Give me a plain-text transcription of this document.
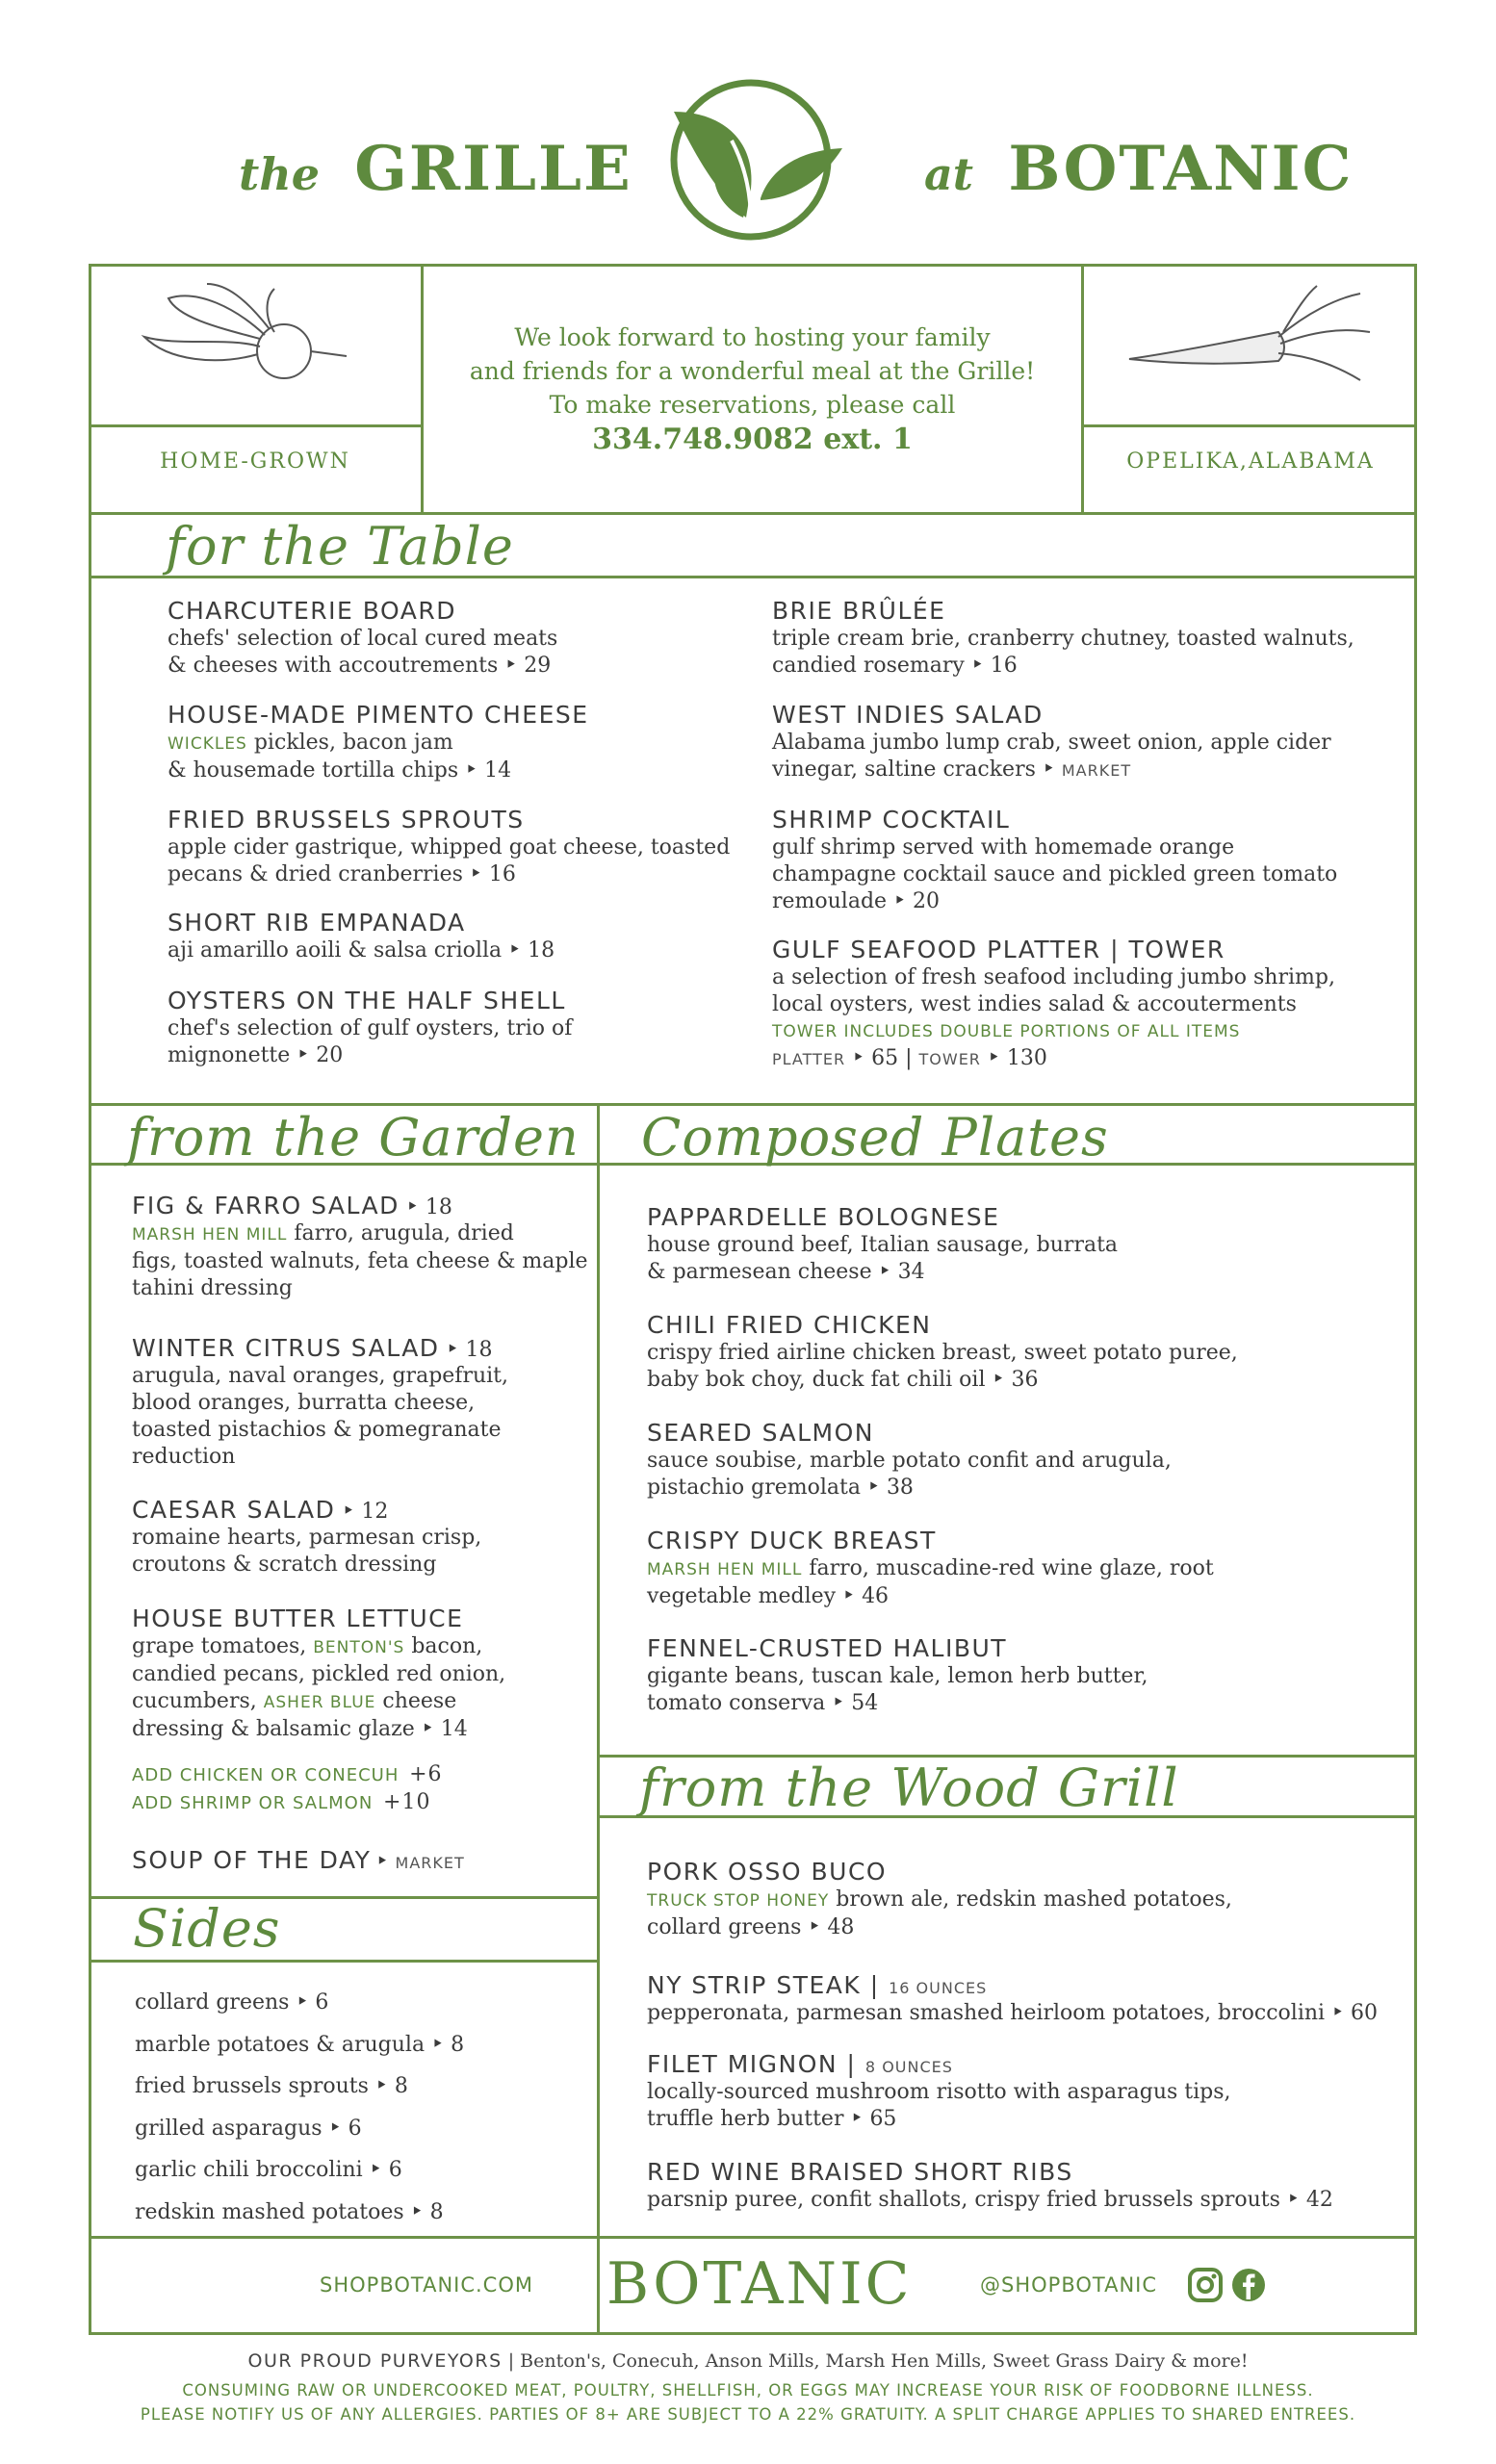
the GRILLE	at BOTANIC
We look forward to hosting your family
and friends for a wonderful meal at the Grille!
To make reservations, please call
334.748.9082 ext. 1
HOME-GROWN	OPELIKA,ALABAMA
for the Table
CHARCUTERIE BOARD
chefs' selection of local cured meats
& cheeses with accoutrements ‣ 29
HOUSE-MADE PIMENTO CHEESE
WICKLES pickles, bacon jam
& housemade tortilla chips ‣ 14
FRIED BRUSSELS SPROUTS
apple cider gastrique, whipped goat cheese, toasted
pecans & dried cranberries ‣ 16
SHORT RIB EMPANADA
aji amarillo aoili & salsa criolla ‣ 18
OYSTERS ON THE HALF SHELL
chef's selection of gulf oysters, trio of
mignonette ‣ 20
BRIE BRÛLÉE
triple cream brie, cranberry chutney, toasted walnuts,
candied rosemary ‣ 16
WEST INDIES SALAD
Alabama jumbo lump crab, sweet onion, apple cider
vinegar, saltine crackers ‣ MARKET
SHRIMP COCKTAIL
gulf shrimp served with homemade orange
champagne cocktail sauce and pickled green tomato
remoulade ‣ 20
GULF SEAFOOD PLATTER | TOWER
a selection of fresh seafood including jumbo shrimp,
local oysters, west indies salad & accouterments
TOWER INCLUDES DOUBLE PORTIONS OF ALL ITEMS
PLATTER ‣ 65 | TOWER ‣ 130
from the Garden Composed Plates
FIG & FARRO SALAD ‣ 18
MARSH HEN MILL farro, arugula, dried
figs, toasted walnuts, feta cheese & maple
tahini dressing
WINTER CITRUS SALAD ‣ 18
arugula, naval oranges, grapefruit,
blood oranges, burratta cheese,
toasted pistachios & pomegranate
reduction
CAESAR SALAD ‣ 12
romaine hearts, parmesan crisp,
croutons & scratch dressing
HOUSE BUTTER LETTUCE
grape tomatoes, BENTON'S bacon,
candied pecans, pickled red onion,
cucumbers, ASHER BLUE cheese
dressing & balsamic glaze ‣ 14
PAPPARDELLE BOLOGNESE
house ground beef, Italian sausage, burrata
& parmesean cheese ‣ 34
CHILI FRIED CHICKEN
crispy fried airline chicken breast, sweet potato puree,
baby bok choy, duck fat chili oil ‣ 36
SEARED SALMON
sauce soubise, marble potato confit and arugula,
pistachio gremolata ‣ 38
CRISPY DUCK BREAST
MARSH HEN MILL farro, muscadine-red wine glaze, root
vegetable medley ‣ 46
FENNEL-CRUSTED HALIBUT
gigante beans, tuscan kale, lemon herb butter,
tomato conserva ‣ 54
ADD CHICKEN OR CONECUH +6
ADD SHRIMP OR SALMON +10
SOUP OF THE DAY ‣ MARKET
Sides
collard greens ‣ 6
marble potatoes & arugula ‣ 8
fried brussels sprouts ‣ 8
grilled asparagus ‣ 6
garlic chili broccolini ‣ 6
redskin mashed potatoes ‣ 8
from the Wood Grill
PORK OSSO BUCO
TRUCK STOP HONEY brown ale, redskin mashed potatoes,
collard greens ‣ 48
NY STRIP STEAK | 16 OUNCES
pepperonata, parmesan smashed heirloom potatoes, broccolini ‣ 60
FILET MIGNON | 8 OUNCES
locally-sourced mushroom risotto with asparagus tips,
truffle herb butter ‣ 65
RED WINE BRAISED SHORT RIBS
parsnip puree, confit shallots, crispy fried brussels sprouts ‣ 42
SHOPBOTANIC.COM BOTANIC	@SHOPBOTANIC
OUR PROUD PURVEYORS | Benton's, Conecuh, Anson Mills, Marsh Hen Mills, Sweet Grass Dairy & more!
CONSUMING RAW OR UNDERCOOKED MEAT, POULTRY, SHELLFISH, OR EGGS MAY INCREASE YOUR RISK OF FOODBORNE ILLNESS.
PLEASE NOTIFY US OF ANY ALLERGIES. PARTIES OF 8+ ARE SUBJECT TO A 22% GRATUITY. A SPLIT CHARGE APPLIES TO SHARED ENTREES.
